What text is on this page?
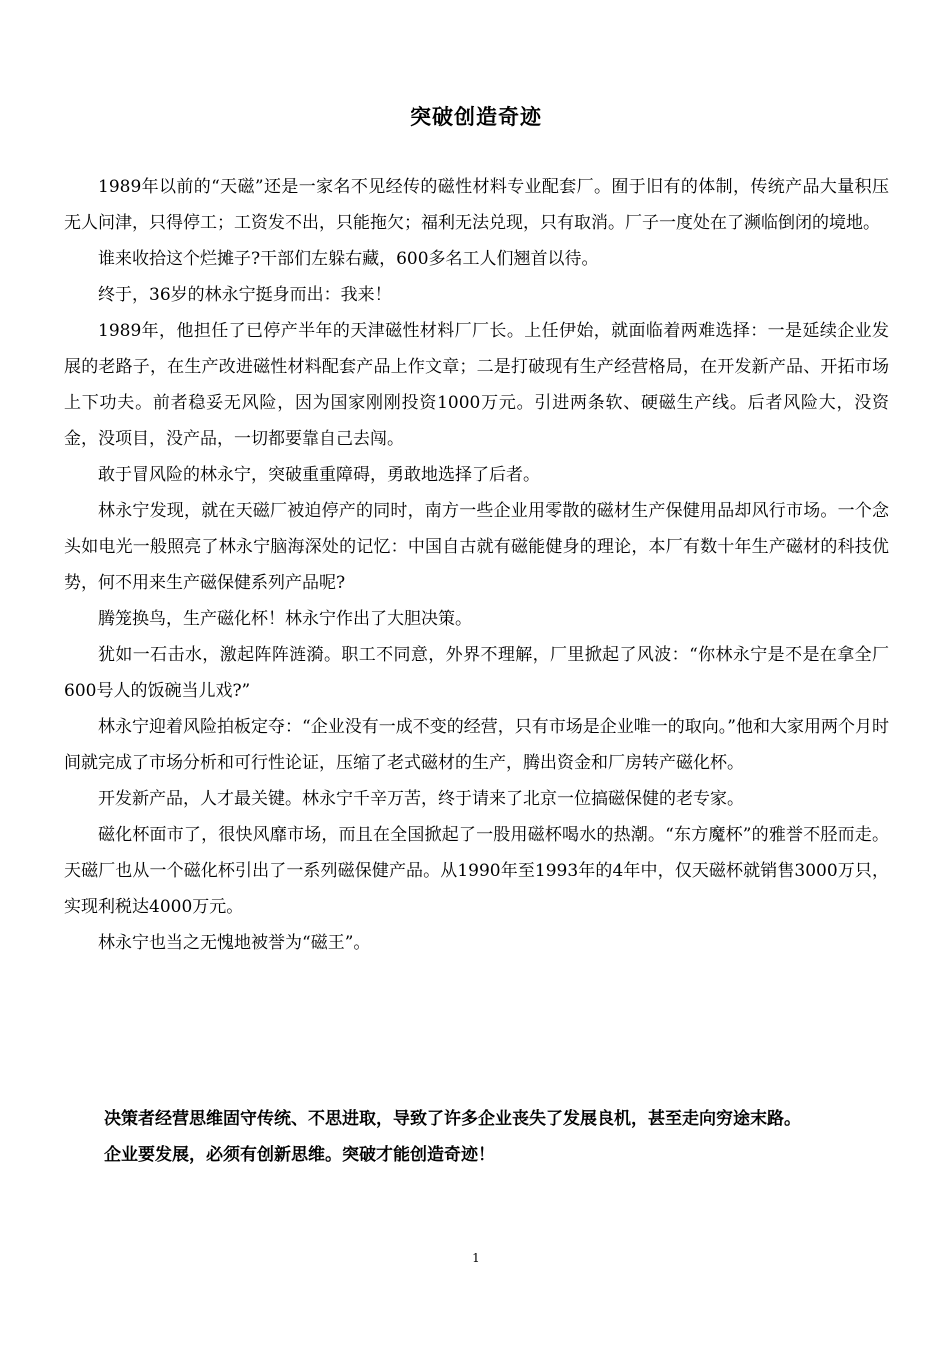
突破创造奇迹

1989年以前的“天磁”还是一家名不见经传的磁性材料专业配套厂。囿于旧有的体制，传统产品大量积压无人问津，只得停工；工资发不出，只能拖欠；福利无法兑现，只有取消。厂子一度处在了濒临倒闭的境地。

谁来收拾这个烂摊子?干部们左躲右藏，600多名工人们翘首以待。

终于，36岁的林永宁挺身而出：我来！

1989年，他担任了已停产半年的天津磁性材料厂厂长。上任伊始，就面临着两难选择：一是延续企业发展的老路子，在生产改进磁性材料配套产品上作文章；二是打破现有生产经营格局，在开发新产品、开拓市场上下功夫。前者稳妥无风险，因为国家刚刚投资1000万元。引进两条软、硬磁生产线。后者风险大，没资金，没项目，没产品，一切都要靠自己去闯。

敢于冒风险的林永宁，突破重重障碍，勇敢地选择了后者。

林永宁发现，就在天磁厂被迫停产的同时，南方一些企业用零散的磁材生产保健用品却风行市场。一个念头如电光一般照亮了林永宁脑海深处的记忆：中国自古就有磁能健身的理论，本厂有数十年生产磁材的科技优势，何不用来生产磁保健系列产品呢?

腾笼换鸟，生产磁化杯！林永宁作出了大胆决策。

犹如一石击水，激起阵阵涟漪。职工不同意，外界不理解，厂里掀起了风波：“你林永宁是不是在拿全厂600号人的饭碗当儿戏?”

林永宁迎着风险拍板定夺：“企业没有一成不变的经营，只有市场是企业唯一的取向。”他和大家用两个月时间就完成了市场分析和可行性论证，压缩了老式磁材的生产，腾出资金和厂房转产磁化杯。

开发新产品，人才最关键。林永宁千辛万苦，终于请来了北京一位搞磁保健的老专家。

磁化杯面市了，很快风靡市场，而且在全国掀起了一股用磁杯喝水的热潮。“东方魔杯”的雅誉不胫而走。天磁厂也从一个磁化杯引出了一系列磁保健产品。从1990年至1993年的4年中，仅天磁杯就销售3000万只，实现利税达4000万元。

林永宁也当之无愧地被誉为“磁王”。

决策者经营思维固守传统、不思进取，导致了许多企业丧失了发展良机，甚至走向穷途末路。

企业要发展，必须有创新思维。突破才能创造奇迹！

1
